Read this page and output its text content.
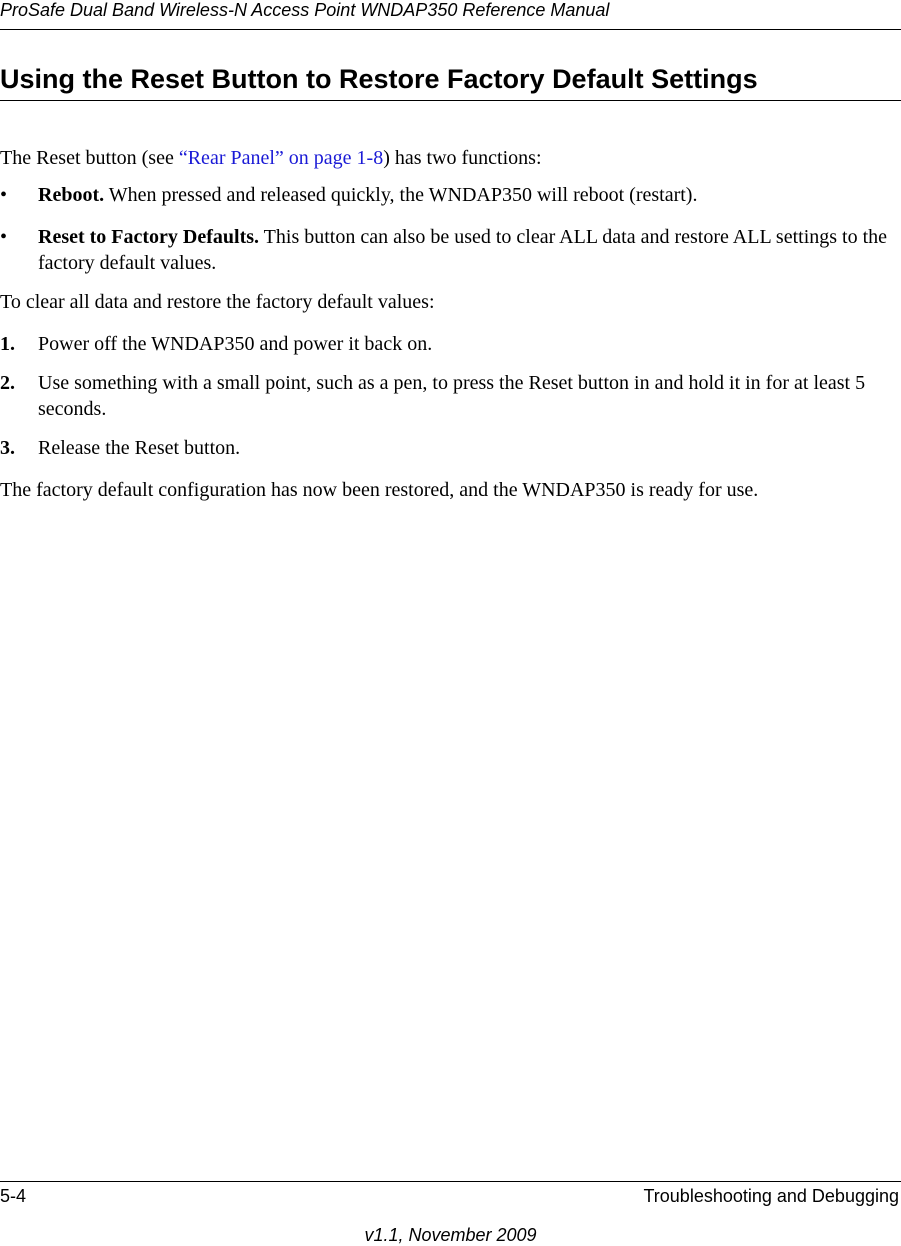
ProSafe Dual Band Wireless-N Access Point WNDAP350 Reference Manual
Using the Reset Button to Restore Factory Default Settings

The Reset button (see “Rear Panel” on page 1-8) has two functions:

• Reboot. When pressed and released quickly, the WNDAP350 will reboot (restart).
• Reset to Factory Defaults. This button can also be used to clear ALL data and restore ALL settings to the factory default values.

To clear all data and restore the factory default values:

1. Power off the WNDAP350 and power it back on.
2. Use something with a small point, such as a pen, to press the Reset button in and hold it in for at least 5 seconds.
3. Release the Reset button.

The factory default configuration has now been restored, and the WNDAP350 is ready for use.

5-4	Troubleshooting and Debugging
v1.1, November 2009
